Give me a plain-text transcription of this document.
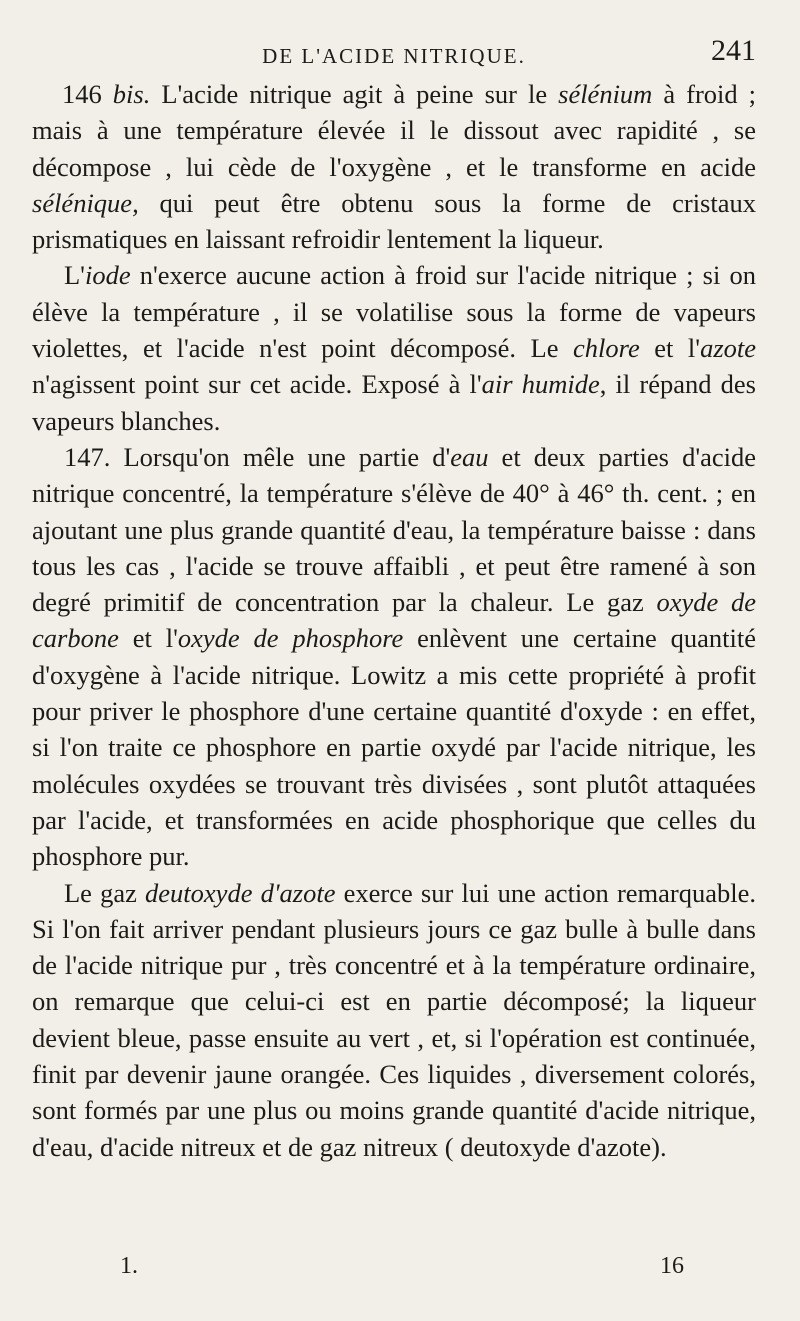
DE L'ACIDE NITRIQUE.	241

146 bis. L'acide nitrique agit à peine sur le sélénium à froid ; mais à une température élevée il le dissout avec rapidité , se décompose , lui cède de l'oxygène , et le transforme en acide sélénique, qui peut être obtenu sous la forme de cristaux prismatiques en laissant refroidir lentement la liqueur.

L'iode n'exerce aucune action à froid sur l'acide nitrique ; si on élève la température , il se volatilise sous la forme de vapeurs violettes, et l'acide n'est point décomposé. Le chlore et l'azote n'agissent point sur cet acide. Exposé à l'air humide, il répand des vapeurs blanches.

147. Lorsqu'on mêle une partie d'eau et deux parties d'acide nitrique concentré, la température s'élève de 40° à 46° th. cent. ; en ajoutant une plus grande quantité d'eau, la température baisse : dans tous les cas , l'acide se trouve affaibli , et peut être ramené à son degré primitif de concentration par la chaleur. Le gaz oxyde de carbone et l'oxyde de phosphore enlèvent une certaine quantité d'oxygène à l'acide nitrique. Lowitz a mis cette propriété à profit pour priver le phosphore d'une certaine quantité d'oxyde : en effet, si l'on traite ce phosphore en partie oxydé par l'acide nitrique, les molécules oxydées se trouvant très divisées , sont plutôt attaquées par l'acide, et transformées en acide phosphorique que celles du phosphore pur.

Le gaz deutoxyde d'azote exerce sur lui une action remarquable. Si l'on fait arriver pendant plusieurs jours ce gaz bulle à bulle dans de l'acide nitrique pur , très concentré et à la température ordinaire, on remarque que celui-ci est en partie décomposé; la liqueur devient bleue, passe ensuite au vert , et, si l'opération est continuée, finit par devenir jaune orangée. Ces liquides , diversement colorés, sont formés par une plus ou moins grande quantité d'acide nitrique, d'eau, d'acide nitreux et de gaz nitreux ( deutoxyde d'azote).

1.	16
